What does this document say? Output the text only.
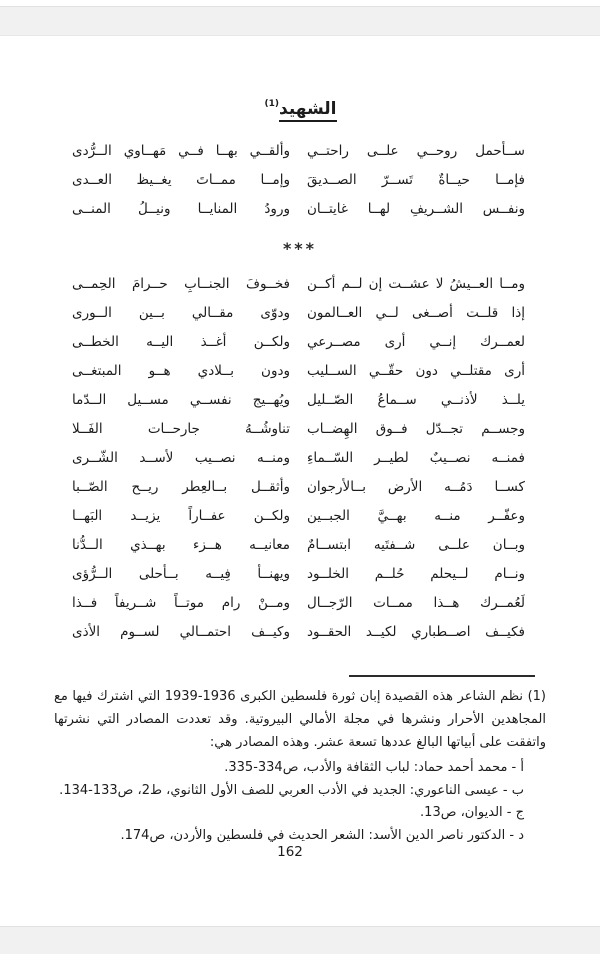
الشهيد$^{(1)}$
ســأحمل روحــي علــى راحتــي
وألقــي بهــا فــي مَهــاوي الــرُّدى
فإمــا حيــاةٌ تَســرّ الصــديقَ
وإمــا ممــاتَ يغــيظ العــدى
ونفــس الشــريفِ لهــا غايتــان
ورودُ المنايــا ونيــلُ المنــى
***
ومــا العــيشُ لا عشــت إن لــم أكــن
فخــوفَ الجنــابِ حــرامَ الحِمــى
إذا قلــت أصــغى لــي العــالمون
ودوّى مقــالي بــين الــورى
لعمــرك إنــي أرى مصــرعي
ولكــن أغــذ اليــه الخطــى
أرى مقتلــي دون حقّــي الســليب
ودون بــلادي هــو المبتغــى
يلــذ لأذنــي ســماعُ الصّــليل
ويُهــيج نفســي مســيل الــدّما
وجســم تجــدّل فــوق الهِضــاب
تناوشُــهُ جارحــات الفَــلا
فمنــه نصــيبٌ لطيــر السّــماءِ
ومنــه نصــيب لأســد الشّــرى
كســا دَمُــه الأرض بــالأرجوان
وأثقــل بــالعِطر ريــح الصّــبا
وعفّــر منــه بهــيَّ الجبــين
ولكــن عفــاراً يزيــد البَهــا
وبــان علــى شــفتَيه ابتســامٌ
معانيــه هــزء بهــذي الــدُّنا
ونــام لــيحلم حُلــم الخلــود
ويهنــأ فِيــه بــأحلى الــرُّؤى
لَعُمــرك هــذا ممــات الرّجــال
ومــنْ رام موتــاً شــريفاً فــذا
فكيــف اصــطباري لكيــد الحقــود
وكيــف احتمــالي لســوم الأذى

(1) نظم الشاعر هذه القصيدة إبان ثورة فلسطين الكبرى 1936-1939 التي اشترك فيها مع المجاهدين الأحرار ونشرها في مجلة الأمالي البيروتية. وقد تعددت المصادر التي نشرتها واتفقت على أبياتها البالغ عددها تسعة عشر. وهذه المصادر هي:

أ - محمد أحمد حماد: لباب الثقافة والأدب، ص334-335.
ب - عيسى الناعوري: الجديد في الأدب العربي للصف الأول الثانوي، ط2، ص133-134.
ج - الديوان، ص13.
د - الدكتور ناصر الدين الأسد: الشعر الحديث في فلسطين والأردن، ص174.
162
